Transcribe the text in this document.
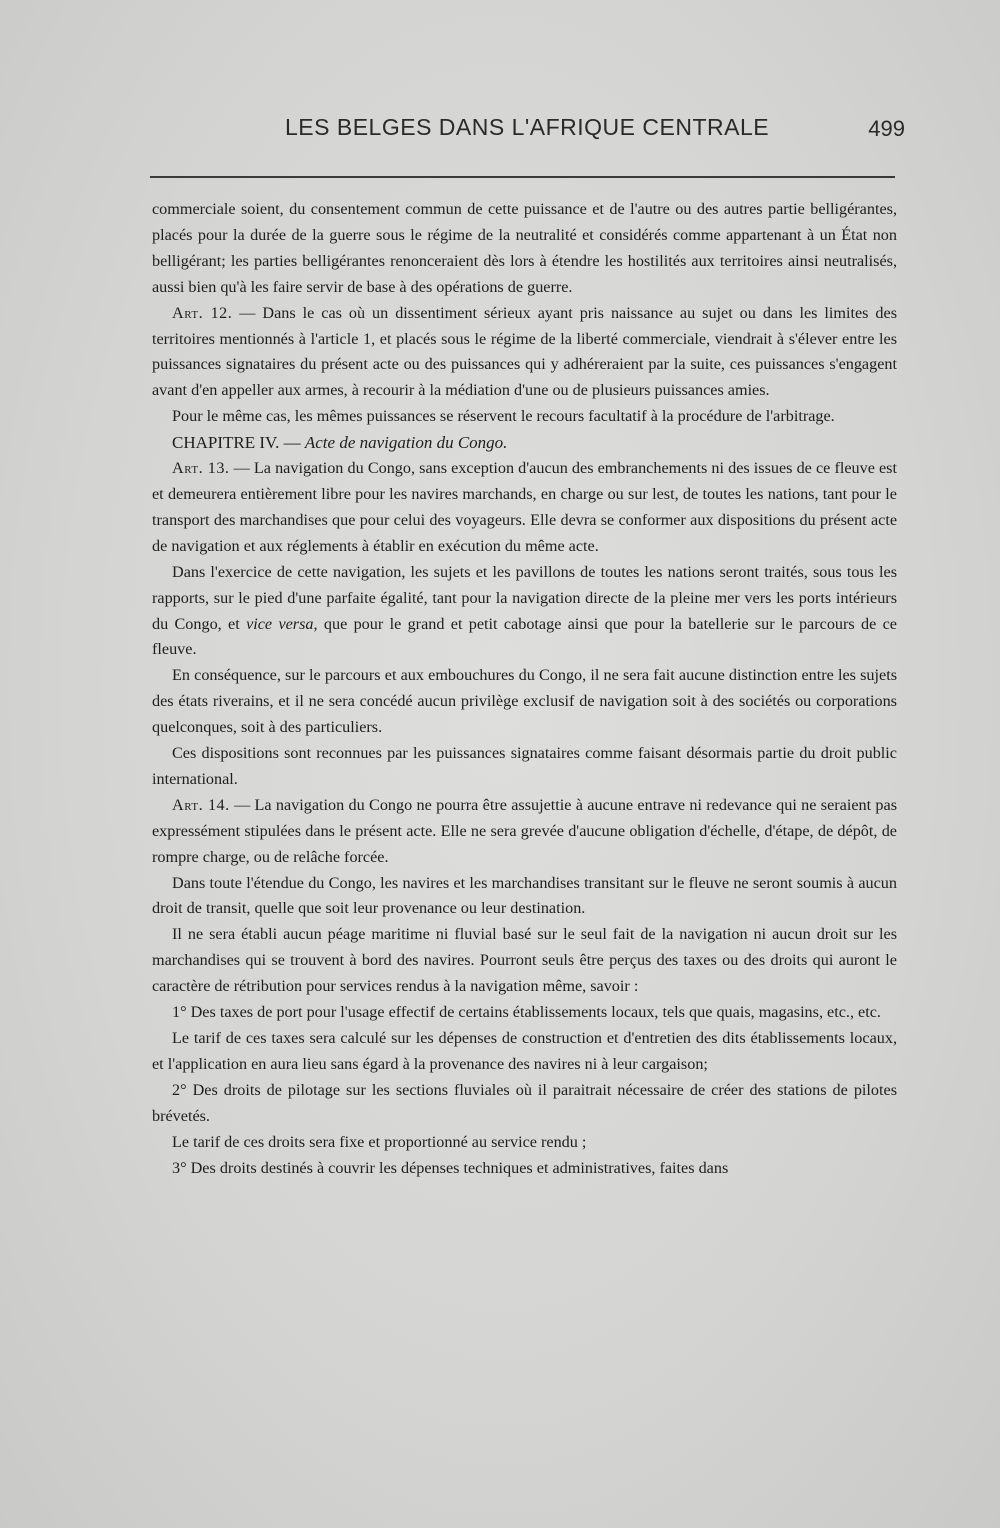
LES BELGES DANS L'AFRIQUE CENTRALE	499

commerciale soient, du consentement commun de cette puissance et de l'autre ou des autres partie belligérantes, placés pour la durée de la guerre sous le régime de la neutralité et considérés comme appartenant à un État non belligérant; les parties belligérantes renonceraient dès lors à étendre les hostilités aux territoires ainsi neutralisés, aussi bien qu'à les faire servir de base à des opérations de guerre.

Art. 12. — Dans le cas où un dissentiment sérieux ayant pris naissance au sujet ou dans les limites des territoires mentionnés à l'article 1, et placés sous le régime de la liberté commerciale, viendrait à s'élever entre les puissances signataires du présent acte ou des puissances qui y adhéreraient par la suite, ces puissances s'engagent avant d'en appeller aux armes, à recourir à la médiation d'une ou de plusieurs puissances amies.

Pour le même cas, les mêmes puissances se réservent le recours facultatif à la procédure de l'arbitrage.

CHAPITRE IV. — Acte de navigation du Congo.

Art. 13. — La navigation du Congo, sans exception d'aucun des embranchements ni des issues de ce fleuve est et demeurera entièrement libre pour les navires marchands, en charge ou sur lest, de toutes les nations, tant pour le transport des marchandises que pour celui des voyageurs. Elle devra se conformer aux dispositions du présent acte de navigation et aux réglements à établir en exécution du même acte.

Dans l'exercice de cette navigation, les sujets et les pavillons de toutes les nations seront traités, sous tous les rapports, sur le pied d'une parfaite égalité, tant pour la navigation directe de la pleine mer vers les ports intérieurs du Congo, et vice versa, que pour le grand et petit cabotage ainsi que pour la batellerie sur le parcours de ce fleuve.

En conséquence, sur le parcours et aux embouchures du Congo, il ne sera fait aucune distinction entre les sujets des états riverains, et il ne sera concédé aucun privilège exclusif de navigation soit à des sociétés ou corporations quelconques, soit à des particuliers.

Ces dispositions sont reconnues par les puissances signataires comme faisant désormais partie du droit public international.

Art. 14. — La navigation du Congo ne pourra être assujettie à aucune entrave ni redevance qui ne seraient pas expressément stipulées dans le présent acte. Elle ne sera grevée d'aucune obligation d'échelle, d'étape, de dépôt, de rompre charge, ou de relâche forcée.

Dans toute l'étendue du Congo, les navires et les marchandises transitant sur le fleuve ne seront soumis à aucun droit de transit, quelle que soit leur provenance ou leur destination.

Il ne sera établi aucun péage maritime ni fluvial basé sur le seul fait de la navigation ni aucun droit sur les marchandises qui se trouvent à bord des navires. Pourront seuls être perçus des taxes ou des droits qui auront le caractère de rétribution pour services rendus à la navigation même, savoir :

1° Des taxes de port pour l'usage effectif de certains établissements locaux, tels que quais, magasins, etc., etc.

Le tarif de ces taxes sera calculé sur les dépenses de construction et d'entretien des dits établissements locaux, et l'application en aura lieu sans égard à la provenance des navires ni à leur cargaison;

2° Des droits de pilotage sur les sections fluviales où il paraitrait nécessaire de créer des stations de pilotes brévetés.

Le tarif de ces droits sera fixe et proportionné au service rendu ;

3° Des droits destinés à couvrir les dépenses techniques et administratives, faites dans
